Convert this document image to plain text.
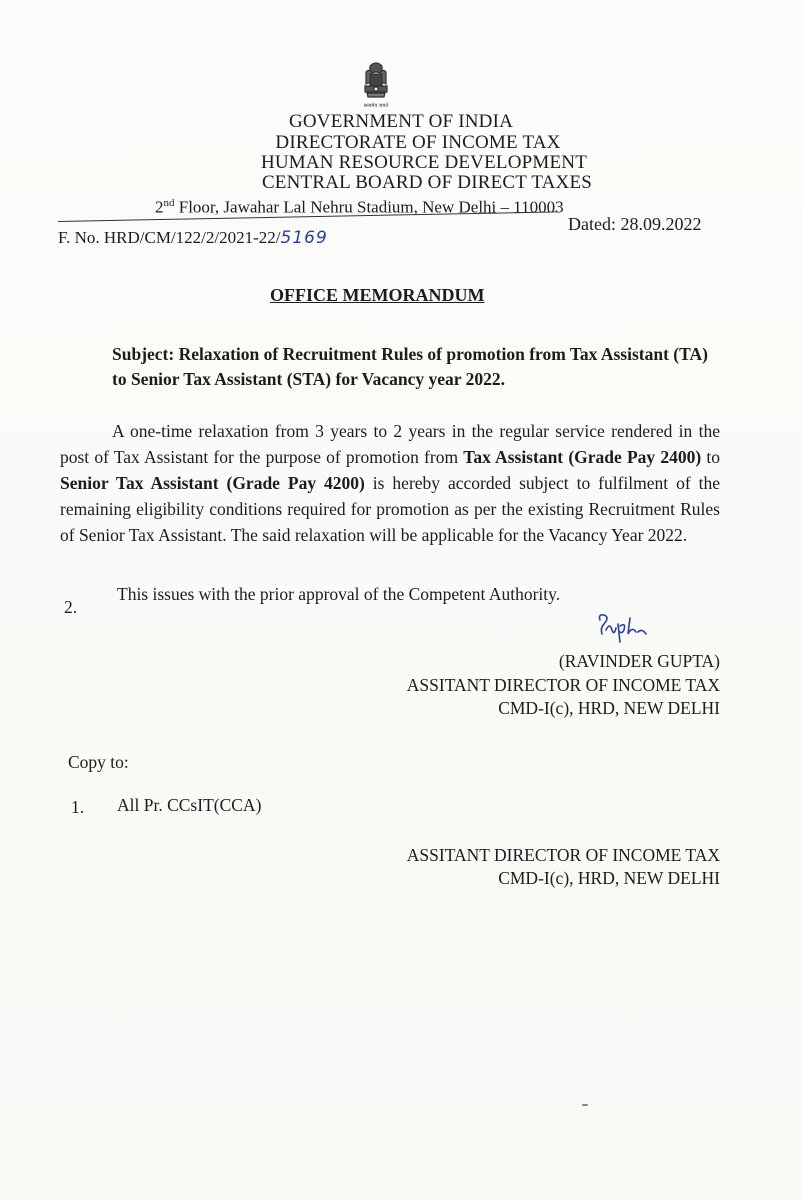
सत्यमेव जयते
GOVERNMENT OF INDIA
DIRECTORATE OF INCOME TAX
HUMAN RESOURCE DEVELOPMENT
CENTRAL BOARD OF DIRECT TAXES
2nd Floor, Jawahar Lal Nehru Stadium, New Delhi – 110003
F. No. HRD/CM/122/2/2021-22/5169
Dated: 28.09.2022
OFFICE MEMORANDUM
Subject: Relaxation of Recruitment Rules of promotion from Tax Assistant (TA) to Senior Tax Assistant (STA) for Vacancy year 2022.
A one-time relaxation from 3 years to 2 years in the regular service rendered in the post of Tax Assistant for the purpose of promotion from Tax Assistant (Grade Pay 2400) to Senior Tax Assistant (Grade Pay 4200) is hereby accorded subject to fulfilment of the remaining eligibility conditions required for promotion as per the existing Recruitment Rules of Senior Tax Assistant. The said relaxation will be applicable for the Vacancy Year 2022.
2.
This issues with the prior approval of the Competent Authority.
(RAVINDER GUPTA)
ASSITANT DIRECTOR OF INCOME TAX
CMD-I(c), HRD, NEW DELHI
Copy to:
1. All Pr. CCsIT(CCA)
ASSITANT DIRECTOR OF INCOME TAX
CMD-I(c), HRD, NEW DELHI
